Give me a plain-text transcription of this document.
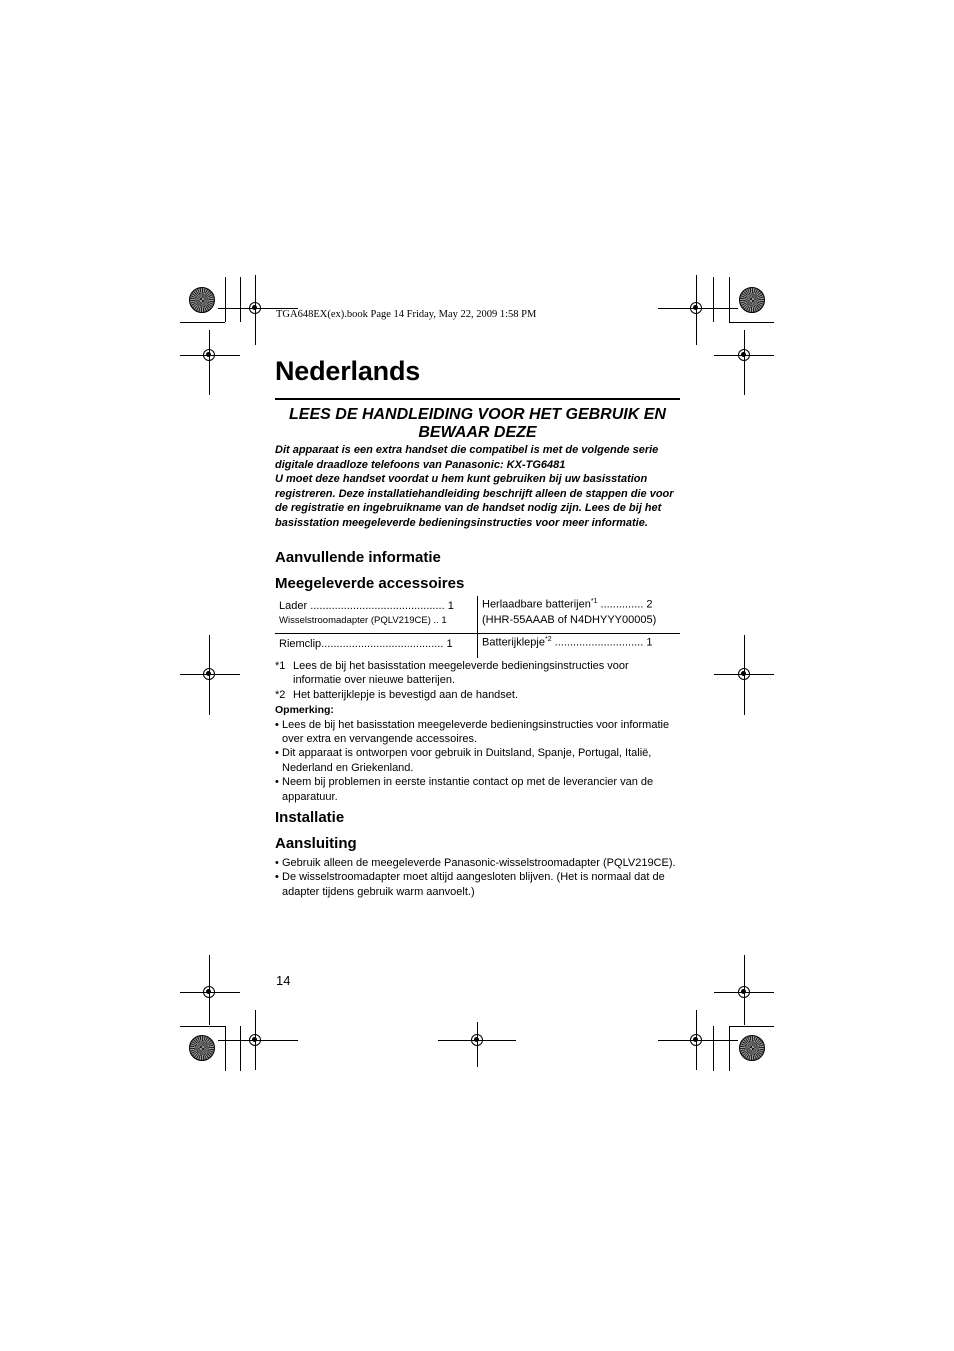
TGA648EX(ex).book Page 14 Friday, May 22, 2009 1:58 PM
Nederlands
LEES DE HANDLEIDING VOOR HET GEBRUIK EN
BEWAAR DEZE

Dit apparaat is een extra handset die compatibel is met de volgende serie digitale draadloze telefoons van Panasonic: KX-TG6481

U moet deze handset voordat u hem kunt gebruiken bij uw basisstation registreren. Deze installatiehandleiding beschrijft alleen de stappen die voor de registratie en ingebruikname van de handset nodig zijn. Lees de bij het basisstation meegeleverde bedieningsinstructies voor meer informatie.

Aanvullende informatie
Meegeleverde accessoires
Lader ............................................ 1
Wisselstroomadapter (PQLV219CE) .. 1
Herlaadbare batterijen$^{*1}$ .............. 2
(HHR-55AAAB of N4DHYYY00005)
Riemclip........................................ 1	Batterijklepje$^{*2}$ ............................. 1
*1 Lees de bij het basisstation meegeleverde bedieningsinstructies voor informatie over nieuwe batterijen.
*2 Het batterijklepje is bevestigd aan de handset.
Opmerking:
• Lees de bij het basisstation meegeleverde bedieningsinstructies voor informatie over extra en vervangende accessoires.
• Dit apparaat is ontworpen voor gebruik in Duitsland, Spanje, Portugal, Italië, Nederland en Griekenland.
• Neem bij problemen in eerste instantie contact op met de leverancier van de apparatuur.
Installatie
Aansluiting
• Gebruik alleen de meegeleverde Panasonic-wisselstroomadapter (PQLV219CE).
• De wisselstroomadapter moet altijd aangesloten blijven. (Het is normaal dat de adapter tijdens gebruik warm aanvoelt.)
14
